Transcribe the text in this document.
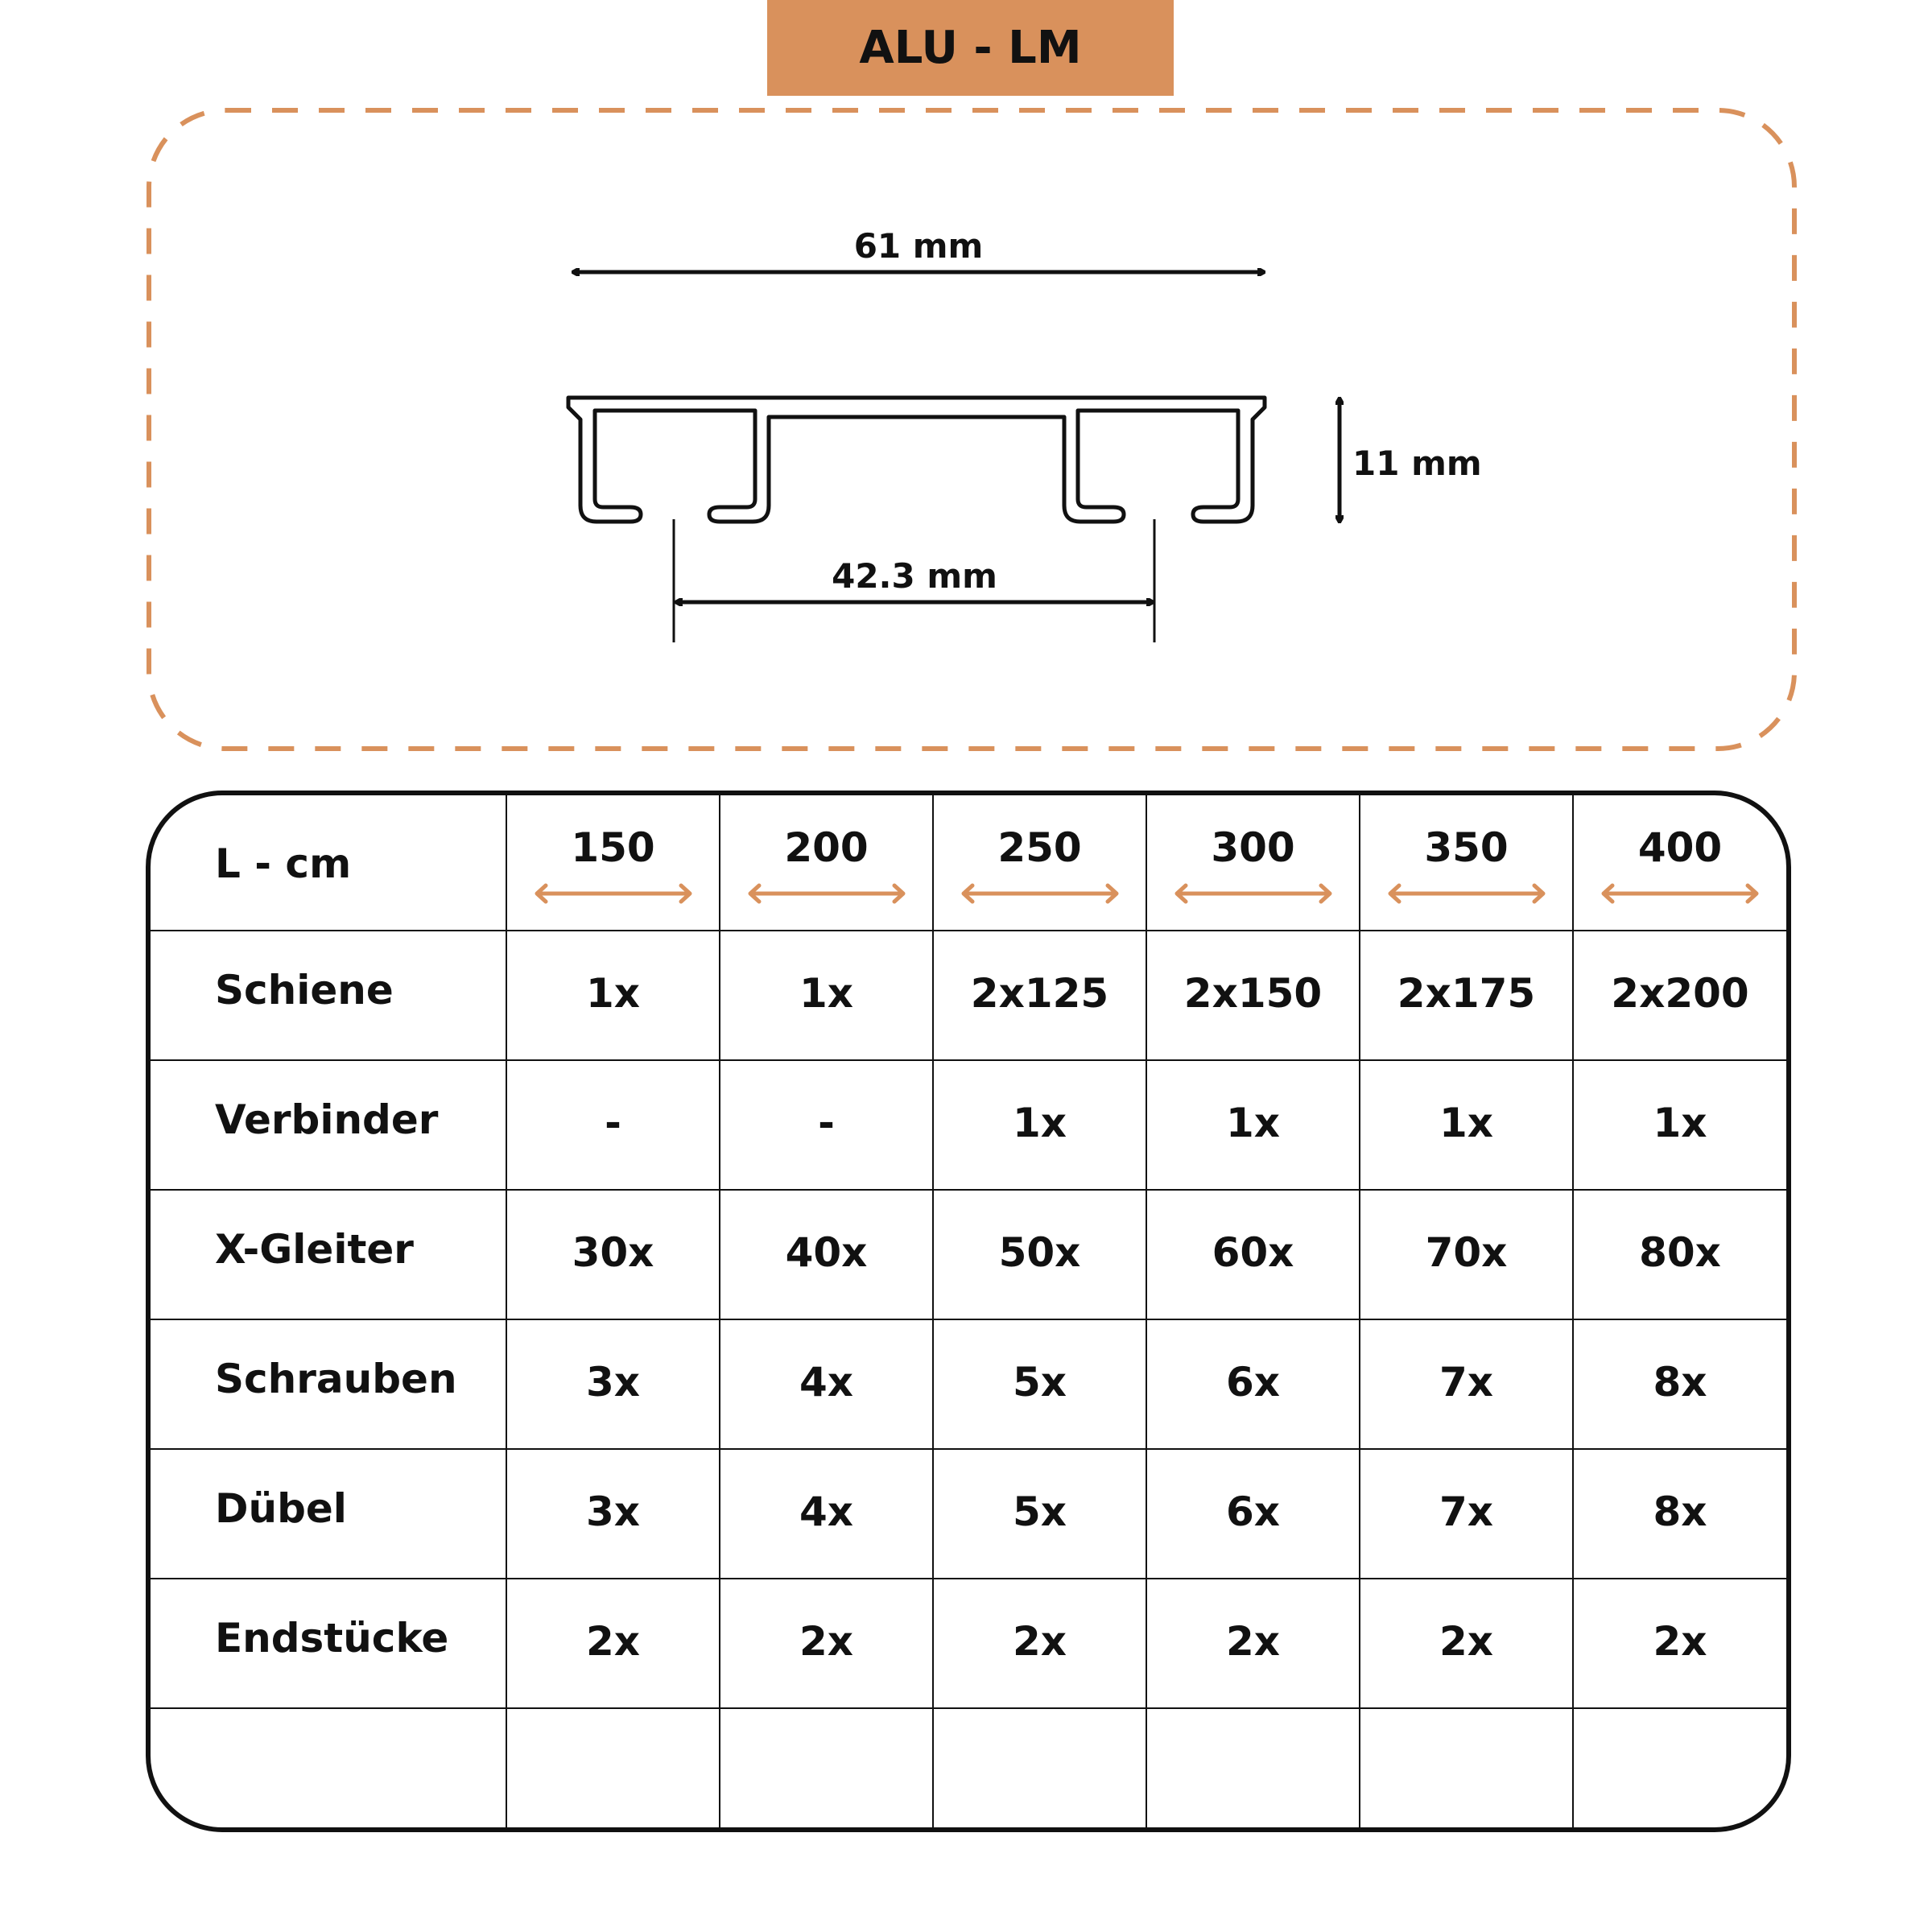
ALU - LM
61 mm
11 mm
42.3 mm
L - cm	150	200	250	300	350	400

Schiene	1x	1x	2x125	2x150	2x175	2x200

Verbinder	-	-	1x	1x	1x	1x

X-Gleiter	30x	40x	50x	60x	70x	80x

Schrauben	3x	4x	5x	6x	7x	8x

Dübel	3x	4x	5x	6x	7x	8x

Endstücke	2x	2x	2x	2x	2x	2x
